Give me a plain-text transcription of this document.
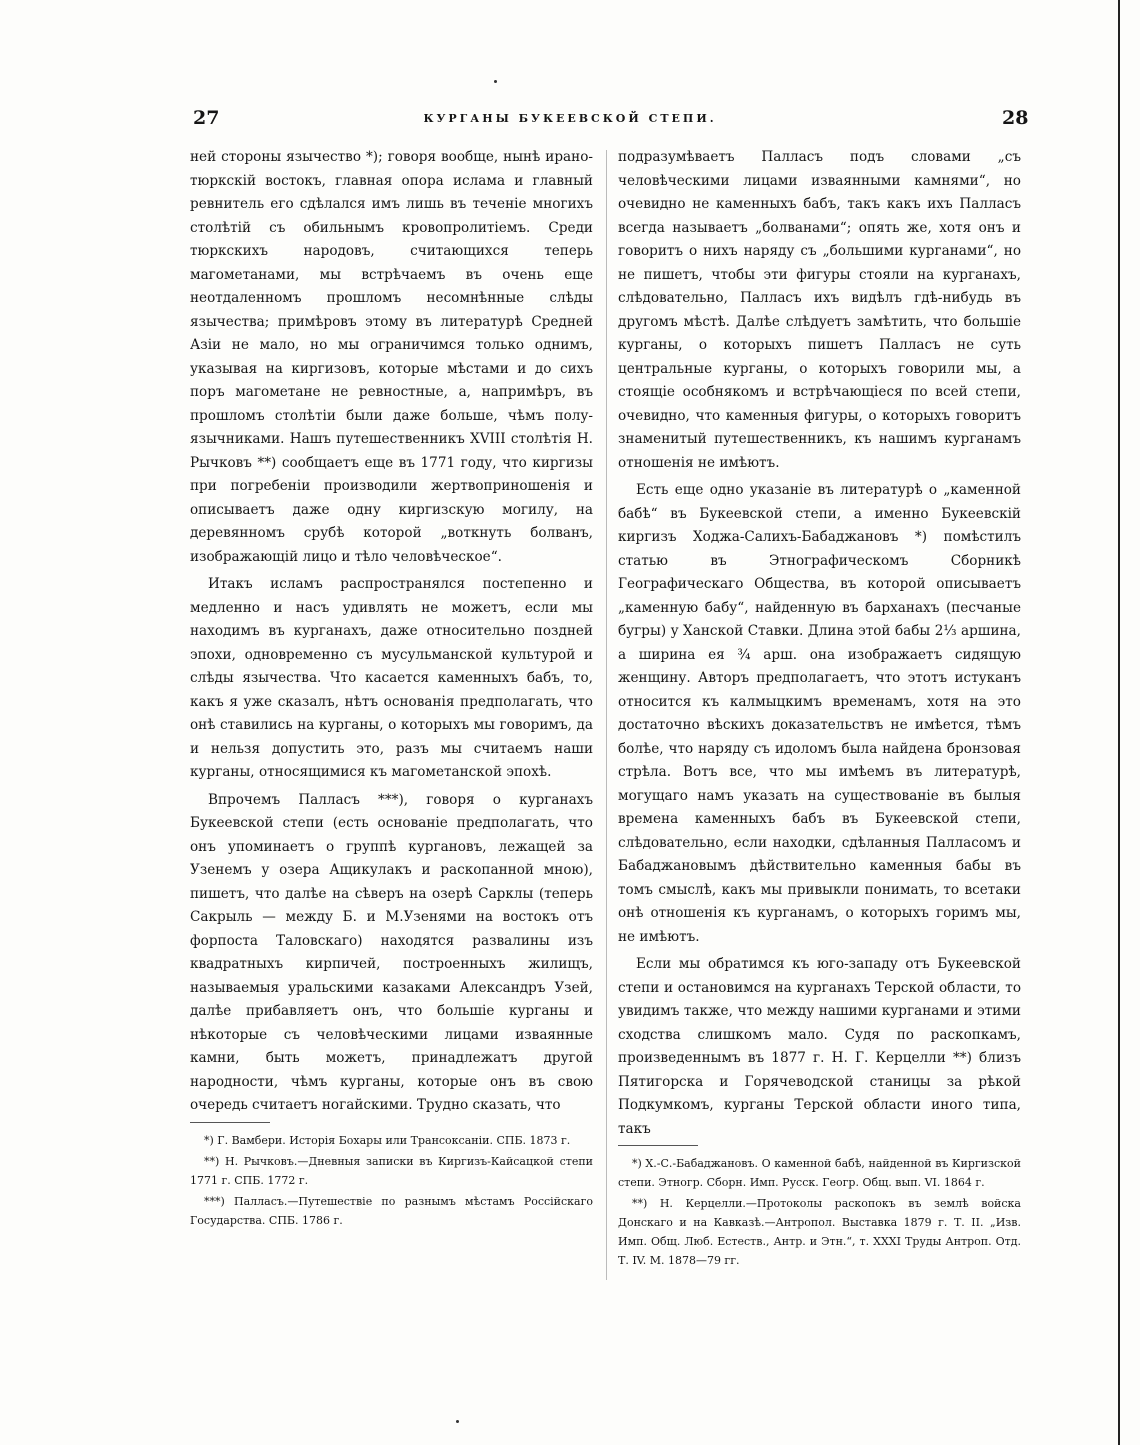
27	КУРГАНЫ БУКЕЕВСКОЙ СТЕПИ.	28

ней стороны язычество *); говоря вообще, нынѣ ирано-тюркскій востокъ, главная опора ислама и главный ревнитель его сдѣлался имъ лишь въ теченіе многихъ столѣтій съ обильнымъ кровопролитіемъ. Среди тюркскихъ народовъ, считающихся теперь магометанами, мы встрѣчаемъ въ очень еще неотдаленномъ прошломъ несомнѣнные слѣды язычества; примѣровъ этому въ литературѣ Средней Азіи не мало, но мы ограничимся только однимъ, указывая на киргизовъ, которые мѣстами и до сихъ поръ магометане не ревностные, а, напримѣръ, въ прошломъ столѣтіи были даже больше, чѣмъ полу-язычниками. Нашъ путешественникъ XVIII столѣтія Н. Рычковъ **) сообщаетъ еще въ 1771 году, что киргизы при погребеніи производили жертвоприношенія и описываетъ даже одну киргизскую могилу, на деревянномъ срубѣ которой „воткнуть болванъ, изображающій лицо и тѣло человѣческое“.

Итакъ исламъ распространялся постепенно и медленно и насъ удивлять не можетъ, если мы находимъ въ курганахъ, даже относительно поздней эпохи, одновременно съ мусульманской культурой и слѣды язычества. Что касается каменныхъ бабъ, то, какъ я уже сказалъ, нѣтъ основанія предполагать, что онѣ ставились на курганы, о которыхъ мы говоримъ, да и нельзя допустить это, разъ мы считаемъ наши курганы, относящимися къ магометанской эпохѣ.

Впрочемъ Палласъ ***), говоря о курганахъ Букеевской степи (есть основаніе предполагать, что онъ упоминаетъ о группѣ кургановъ, лежащей за Узенемъ у озера Ащикулакъ и раскопанной мною), пишетъ, что далѣе на сѣверъ на озерѣ Сарклы (теперь Сакрыль — между Б. и М.Узенями на востокъ отъ форпоста Таловскаго) находятся развалины изъ квадратныхъ кирпичей, построенныхъ жилищъ, называемыя уральскими казаками Александръ Узей, далѣе прибавляетъ онъ, что большіе курганы и нѣкоторые съ человѣческими лицами изваянные камни, быть можетъ, принадлежатъ другой народности, чѣмъ курганы, которые онъ въ свою очередь считаетъ ногайскими. Трудно сказать, что

*) Г. Вамбери. Исторія Бохары или Трансоксаніи. СПБ. 1873 г.

**) Н. Рычковъ.—Дневныя записки въ Киргизъ-Кайсацкой степи 1771 г. СПБ. 1772 г.

***) Палласъ.—Путешествіе по разнымъ мѣстамъ Россійскаго Государства. СПБ. 1786 г.

подразумѣваетъ Палласъ подъ словами „съ человѣческими лицами изваянными камнями“, но очевидно не каменныхъ бабъ, такъ какъ ихъ Палласъ всегда называетъ „болванами“; опять же, хотя онъ и говоритъ о нихъ наряду съ „большими курганами“, но не пишетъ, чтобы эти фигуры стояли на курганахъ, слѣдовательно, Палласъ ихъ видѣлъ гдѣ-нибудь въ другомъ мѣстѣ. Далѣе слѣдуетъ замѣтить, что большіе курганы, о которыхъ пишетъ Палласъ не суть центральные курганы, о которыхъ говорили мы, а стоящіе особнякомъ и встрѣчающіеся по всей степи, очевидно, что каменныя фигуры, о которыхъ говоритъ знаменитый путешественникъ, къ нашимъ курганамъ отношенія не имѣютъ.

Есть еще одно указаніе въ литературѣ о „каменной бабѣ“ въ Букеевской степи, а именно Букеевскій киргизъ Ходжа-Салихъ-Бабаджановъ *) помѣстилъ статью въ Этнографическомъ Сборникѣ Географическаго Общества, въ которой описываетъ „каменную бабу“, найденную въ барханахъ (песчаные бугры) у Ханской Ставки. Длина этой бабы 2⅓ аршина, а ширина ея ¾ арш. она изображаетъ сидящую женщину. Авторъ предполагаетъ, что этотъ истуканъ относится къ калмыцкимъ временамъ, хотя на это достаточно вѣскихъ доказательствъ не имѣется, тѣмъ болѣе, что наряду съ идоломъ была найдена бронзовая стрѣла. Вотъ все, что мы имѣемъ въ литературѣ, могущаго намъ указать на существованіе въ былыя времена каменныхъ бабъ въ Букеевской степи, слѣдовательно, если находки, сдѣланныя Палласомъ и Бабаджановымъ дѣйствительно каменныя бабы въ томъ смыслѣ, какъ мы привыкли понимать, то всетаки онѣ отношенія къ курганамъ, о которыхъ горимъ мы, не имѣютъ.

Если мы обратимся къ юго-западу отъ Букеевской степи и остановимся на курганахъ Терской области, то увидимъ также, что между нашими курганами и этими сходства слишкомъ мало. Судя по раскопкамъ, произведеннымъ въ 1877 г. Н. Г. Керцелли **) близъ Пятигорска и Горячеводской станицы за рѣкой Подкумкомъ, курганы Терской области иного типа, такъ

*) Х.-С.-Бабаджановъ. О каменной бабѣ, найденной въ Киргизской степи. Этногр. Сборн. Имп. Русск. Геогр. Общ. вып. VI. 1864 г.

**) Н. Керцелли.—Протоколы раскопокъ въ землѣ войска Донскаго и на Кавказѣ.—Антропол. Выставка 1879 г. Т. II. „Изв. Имп. Общ. Люб. Естеств., Антр. и Этн.“, т. XXXI Труды Антроп. Отд. Т. IV. М. 1878—79 гг.
